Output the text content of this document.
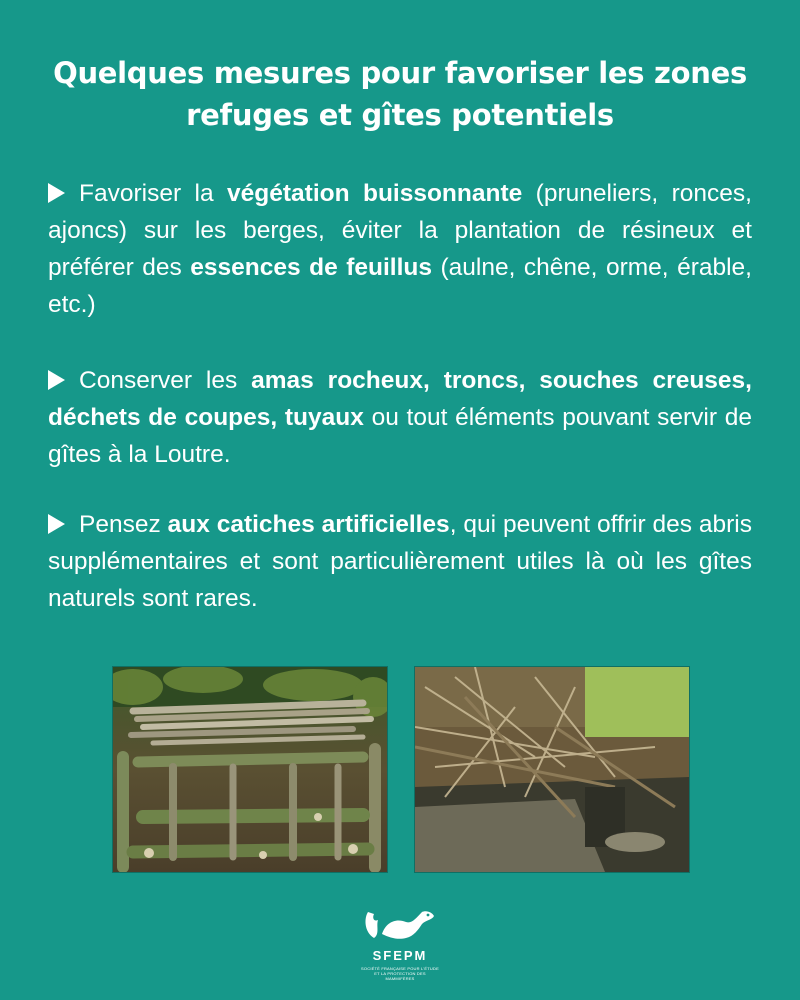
Quelques mesures pour favoriser les zones
refuges et gîtes potentiels
Favoriser la végétation buissonnante (pruneliers, ronces, ajoncs) sur les berges, éviter la plantation de résineux et préférer des essences de feuillus (aulne, chêne, orme, érable, etc.)
Conserver les amas rocheux, troncs, souches creuses, déchets de coupes, tuyaux ou tout éléments pouvant servir de gîtes à la Loutre.
Pensez aux catiches artificielles, qui peuvent offrir des abris supplémentaires et sont particulièrement utiles là où les gîtes naturels sont rares.
SFEPM
SOCIÉTÉ FRANÇAISE POUR L'ÉTUDE
ET LA PROTECTION DES MAMMIFÈRES
